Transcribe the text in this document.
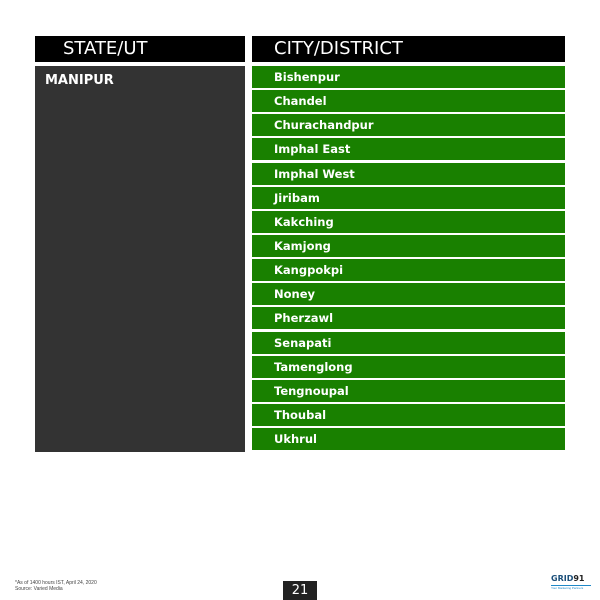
STATE/UT	CITY/DISTRICT
MANIPUR	Bishenpur
Chandel
Churachandpur
Imphal East
Imphal West
Jiribam
Kakching
Kamjong
Kangpokpi
Noney
Pherzawl
Senapati
Tamenglong
Tengnoupal
Thoubal
Ukhrul
*As of 1400 hours IST, April 24, 2020
Source: Varied Media	21
GRID91
Your Marketing Partners
